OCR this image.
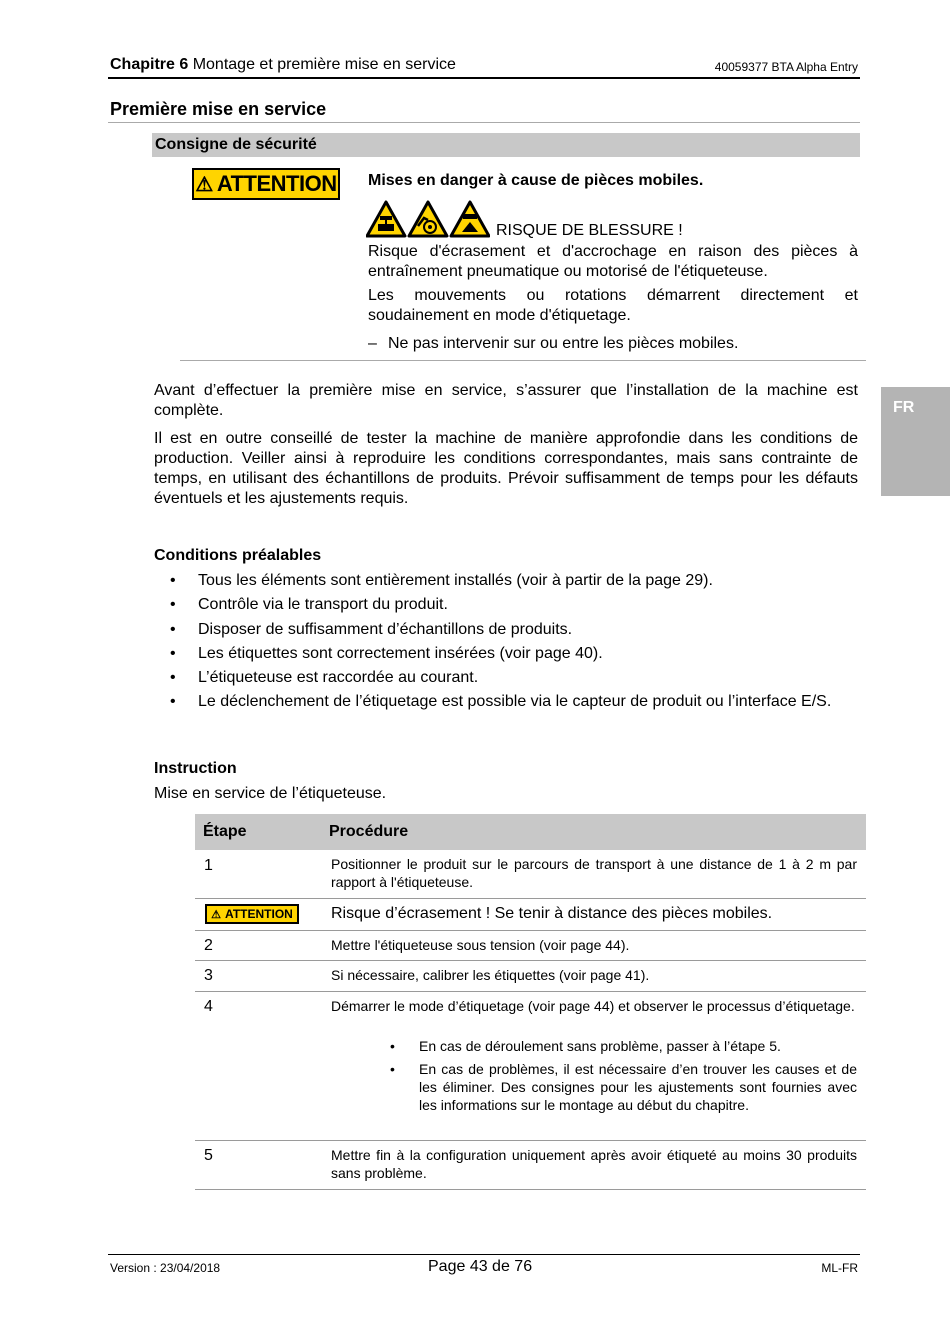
Chapitre 6 Montage et première mise en service	40059377 BTA Alpha Entry
Première mise en service
Consigne de sécurité
⚠ ATTENTION Mises en danger à cause de pièces mobiles.
RISQUE DE BLESSURE !
Risque d'écrasement et d'accrochage en raison des pièces à entraînement pneumatique ou motorisé de l'étiqueteuse.
Les mouvements ou rotations démarrent directement et soudainement en mode d'étiquetage.
– Ne pas intervenir sur ou entre les pièces mobiles.
Avant d’effectuer la première mise en service, s’assurer que l’installation de la machine est complète.
Il est en outre conseillé de tester la machine de manière approfondie dans les conditions de production. Veiller ainsi à reproduire les conditions correspondantes, mais sans contrainte de temps, en utilisant des échantillons de produits. Prévoir suffisamment de temps pour les défauts éventuels et les ajustements requis.
FR
Conditions préalables
• Tous les éléments sont entièrement installés (voir à partir de la page 29).
• Contrôle via le transport du produit.
• Disposer de suffisamment d’échantillons de produits.
• Les étiquettes sont correctement insérées (voir page 40).
• L’étiqueteuse est raccordée au courant.
• Le déclenchement de l’étiquetage est possible via le capteur de produit ou l’interface E/S.
Instruction
Mise en service de l’étiqueteuse.
Étape	Procédure
1	Positionner le produit sur le parcours de transport à une distance de 1 à 2 m par rapport à l'étiqueteuse.
⚠ ATTENTION Risque d’écrasement ! Se tenir à distance des pièces mobiles.
2	Mettre l'étiqueteuse sous tension (voir page 44).
3	Si nécessaire, calibrer les étiquettes (voir page 41).
4	Démarrer le mode d’étiquetage (voir page 44) et observer le processus d’étiquetage.
• En cas de déroulement sans problème, passer à l’étape 5.
• En cas de problèmes, il est nécessaire d’en trouver les causes et de les éliminer. Des consignes pour les ajustements sont fournies avec les informations sur le montage au début du chapitre.
5	Mettre fin à la configuration uniquement après avoir étiqueté au moins 30 produits sans problème.
Version : 23/04/2018	Page 43 de 76	ML-FR
